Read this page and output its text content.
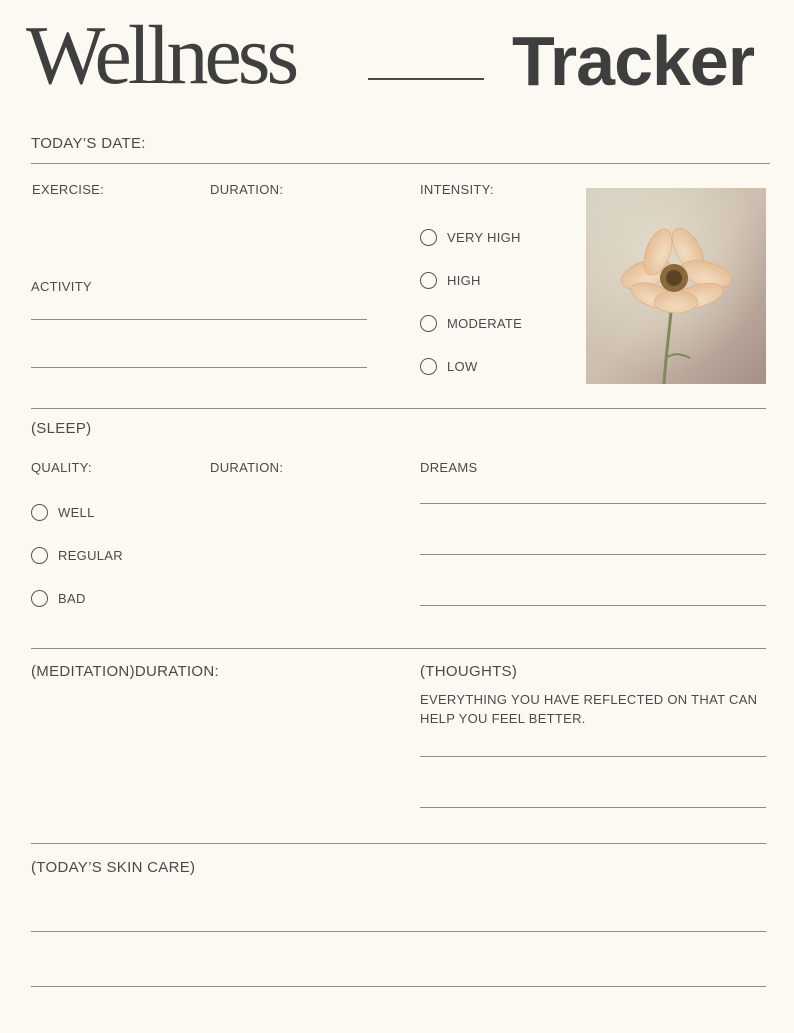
Wellness	Tracker
TODAY’S DATE:
EXERCISE:	DURATION:	INTENSITY:
ACTIVITY
VERY HIGH
HIGH
MODERATE
LOW
(SLEEP)
QUALITY:	DURATION:	DREAMS
WELL
REGULAR
BAD
(MEDITATION)DURATION:	(THOUGHTS)
EVERYTHING YOU HAVE REFLECTED ON THAT CAN HELP YOU FEEL BETTER.
(TODAY’S SKIN CARE)
